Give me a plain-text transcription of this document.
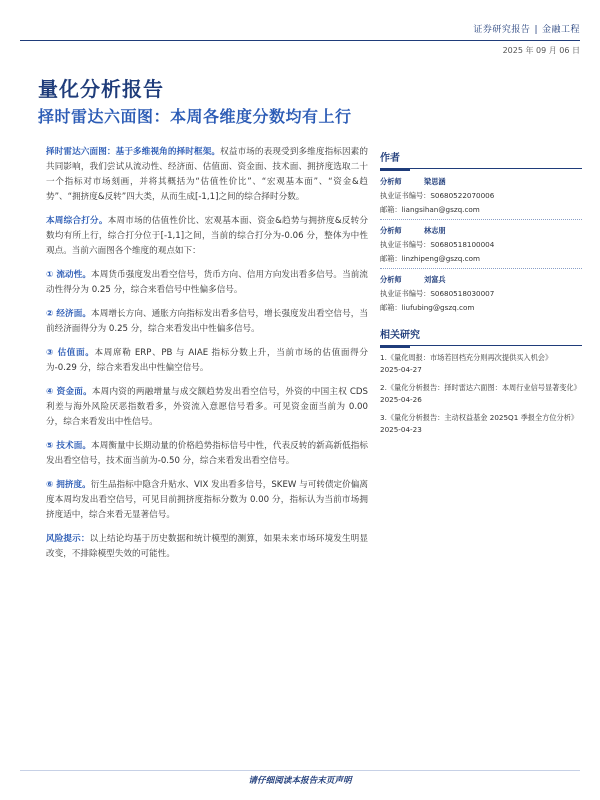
证券研究报告 | 金融工程
2025 年 09 月 06 日
量化分析报告
择时雷达六面图：本周各维度分数均有上行

择时雷达六面图：基于多维视角的择时框架。权益市场的表现受到多维度指标因素的共同影响，我们尝试从流动性、经济面、估值面、资金面、技术面、拥挤度选取二十一个指标对市场刻画，并将其概括为“估值性价比”、“宏观基本面”、“资金&趋势”、“拥挤度&反转”四大类，从而生成[-1,1]之间的综合择时分数。

本周综合打分。本周市场的估值性价比、宏观基本面、资金&趋势与拥挤度&反转分数均有所上行，综合打分位于[-1,1]之间，当前的综合打分为-0.06 分，整体为中性观点。当前六面图各个维度的观点如下：

① 流动性。本周货币强度发出看空信号，货币方向、信用方向发出看多信号。当前流动性得分为 0.25 分，综合来看信号中性偏多信号。

② 经济面。本周增长方向、通胀方向指标发出看多信号，增长强度发出看空信号，当前经济面得分为 0.25 分，综合来看发出中性偏多信号。

③ 估值面。本周席勒 ERP、PB 与 AIAE 指标分数上升，当前市场的估值面得分为-0.29 分，综合来看发出中性偏空信号。

④ 资金面。本周内资的两融增量与成交额趋势发出看空信号，外资的中国主权 CDS 利差与海外风险厌恶指数看多，外资流入意愿信号看多。可见资金面当前为 0.00 分，综合来看发出中性信号。

⑤ 技术面。本周衡量中长期动量的价格趋势指标信号中性，代表反转的新高新低指标发出看空信号，技术面当前为-0.50 分，综合来看发出看空信号。

⑥ 拥挤度。衍生品指标中隐含升贴水、VIX 发出看多信号，SKEW 与可转债定价偏离度本周均发出看空信号，可见目前拥挤度指标分数为 0.00 分，指标认为当前市场拥挤度适中，综合来看无显著信号。

风险提示：以上结论均基于历史数据和统计模型的测算，如果未来市场环境发生明显改变，不排除模型失效的可能性。

作者
分析师	梁思涵
执业证书编号：S0680522070006
邮箱：liangsihan@gszq.com
分析师	林志朋
执业证书编号：S0680518100004
邮箱：linzhipeng@gszq.com
分析师	刘富兵
执业证书编号：S0680518030007
邮箱：liufubing@gszq.com
相关研究
1.《量化周报：市场若回档充分则再次提供买入机会》
2025-04-27
2.《量化分析报告：择时雷达六面图：本周行业信号显著变化》
2025-04-26
3.《量化分析报告：主动权益基金 2025Q1 季报全方位分析》
2025-04-23
请仔细阅读本报告末页声明
